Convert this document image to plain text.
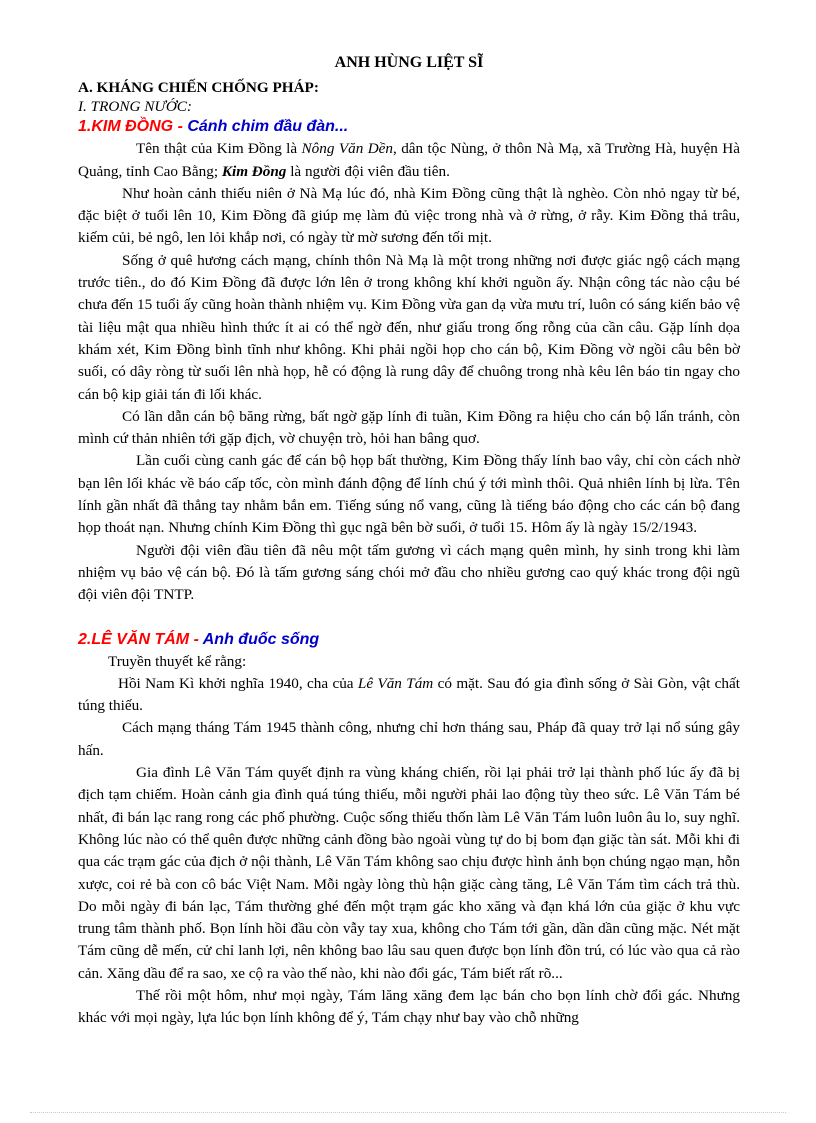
ANH HÙNG LIỆT SĨ

A. KHÁNG CHIẾN CHỐNG PHÁP:

I. TRONG NƯỚC:

1.KIM ĐỒNG - Cánh chim đầu đàn...

Tên thật của Kim Đồng là Nông Văn Dền, dân tộc Nùng, ở thôn Nà Mạ, xã Trường Hà, huyện Hà Quảng, tỉnh Cao Bằng; Kim Đồng là người đội viên đầu tiên.

Như hoàn cảnh thiếu niên ở Nà Mạ lúc đó, nhà Kim Đồng cũng thật là nghèo. Còn nhỏ ngay từ bé, đặc biệt ở tuổi lên 10, Kim Đồng đã giúp mẹ làm đủ việc trong nhà và ở rừng, ở rẫy. Kim Đồng thả trâu, kiếm củi, bẻ ngô, len lỏi khắp nơi, có ngày từ mờ sương đến tối mịt.

Sống ở quê hương cách mạng, chính thôn Nà Mạ là một trong những nơi được giác ngộ cách mạng trước tiên., do đó Kim Đồng đã được lớn lên ở trong không khí khởi nguồn ấy. Nhận công tác nào cậu bé chưa đến 15 tuổi ấy cũng hoàn thành nhiệm vụ. Kim Đồng vừa gan dạ vừa mưu trí, luôn có sáng kiến bảo vệ tài liệu mật qua nhiều hình thức ít ai có thể ngờ đến, như giấu trong ống rỗng của cần câu. Gặp lính dọa khám xét, Kim Đồng bình tĩnh như không. Khi phải ngồi họp cho cán bộ, Kim Đồng vờ ngồi câu bên bờ suối, có dây ròng từ suối lên nhà họp, hễ có động là rung dây để chuông trong nhà kêu lên báo tin ngay cho cán bộ kịp giải tán đi lối khác.

Có lần dẫn cán bộ băng rừng, bất ngờ gặp lính đi tuần, Kim Đồng ra hiệu cho cán bộ lẩn tránh, còn mình cứ thản nhiên tới gặp địch, vờ chuyện trò, hỏi han bâng quơ.

Lần cuối cùng canh gác để cán bộ họp bất thường, Kim Đồng thấy lính bao vây, chỉ còn cách nhờ bạn lên lối khác về báo cấp tốc, còn mình đánh động để lính chú ý tới mình thôi. Quả nhiên lính bị lừa. Tên lính gần nhất đã thẳng tay nhằm bắn em. Tiếng súng nổ vang, cũng là tiếng báo động cho các cán bộ đang họp thoát nạn. Nhưng chính Kim Đồng thì gục ngã bên bờ suối, ở tuổi 15. Hôm ấy là ngày 15/2/1943.

Người đội viên đầu tiên đã nêu một tấm gương vì cách mạng quên mình, hy sinh trong khi làm nhiệm vụ bảo vệ cán bộ. Đó là tấm gương sáng chói mở đầu cho nhiều gương cao quý khác trong đội ngũ đội viên đội TNTP.

2.LÊ VĂN TÁM - Anh đuốc sống

Truyền thuyết kể rằng:

Hồi Nam Kì khởi nghĩa 1940, cha của Lê Văn Tám có mặt. Sau đó gia đình sống ở Sài Gòn, vật chất túng thiếu.

Cách mạng tháng Tám 1945 thành công, nhưng chỉ hơn tháng sau, Pháp đã quay trở lại nổ súng gây hấn.

Gia đình Lê Văn Tám quyết định ra vùng kháng chiến, rồi lại phải trở lại thành phố lúc ấy đã bị địch tạm chiếm. Hoàn cảnh gia đình quá túng thiếu, mỗi người phải lao động tùy theo sức. Lê Văn Tám bé nhất, đi bán lạc rang rong các phố phường. Cuộc sống thiếu thốn làm Lê Văn Tám luôn luôn âu lo, suy nghĩ. Không lúc nào có thể quên được những cảnh đồng bào ngoài vùng tự do bị bom đạn giặc tàn sát. Mỗi khi đi qua các trạm gác của địch ở nội thành, Lê Văn Tám không sao chịu được hình ảnh bọn chúng ngạo mạn, hỗn xược, coi rẻ bà con cô bác Việt Nam. Mỗi ngày lòng thù hận giặc càng tăng, Lê Văn Tám tìm cách trả thù. Do mỗi ngày đi bán lạc, Tám thường ghé đến một trạm gác kho xăng và đạn khá lớn của giặc ở khu vực trung tâm thành phố. Bọn lính hồi đầu còn vẫy tay xua, không cho Tám tới gần, dần dần cũng mặc. Nét mặt Tám cũng dễ mến, cử chỉ lanh lợi, nên không bao lâu sau quen được bọn lính đồn trú, có lúc vào qua cả rào cản. Xăng dầu để ra sao, xe cộ ra vào thế nào, khi nào đổi gác, Tám biết rất rõ...

Thế rồi một hôm, như mọi ngày, Tám lăng xăng đem lạc bán cho bọn lính chờ đổi gác. Nhưng khác với mọi ngày, lựa lúc bọn lính không để ý, Tám chạy như bay vào chỗ những
